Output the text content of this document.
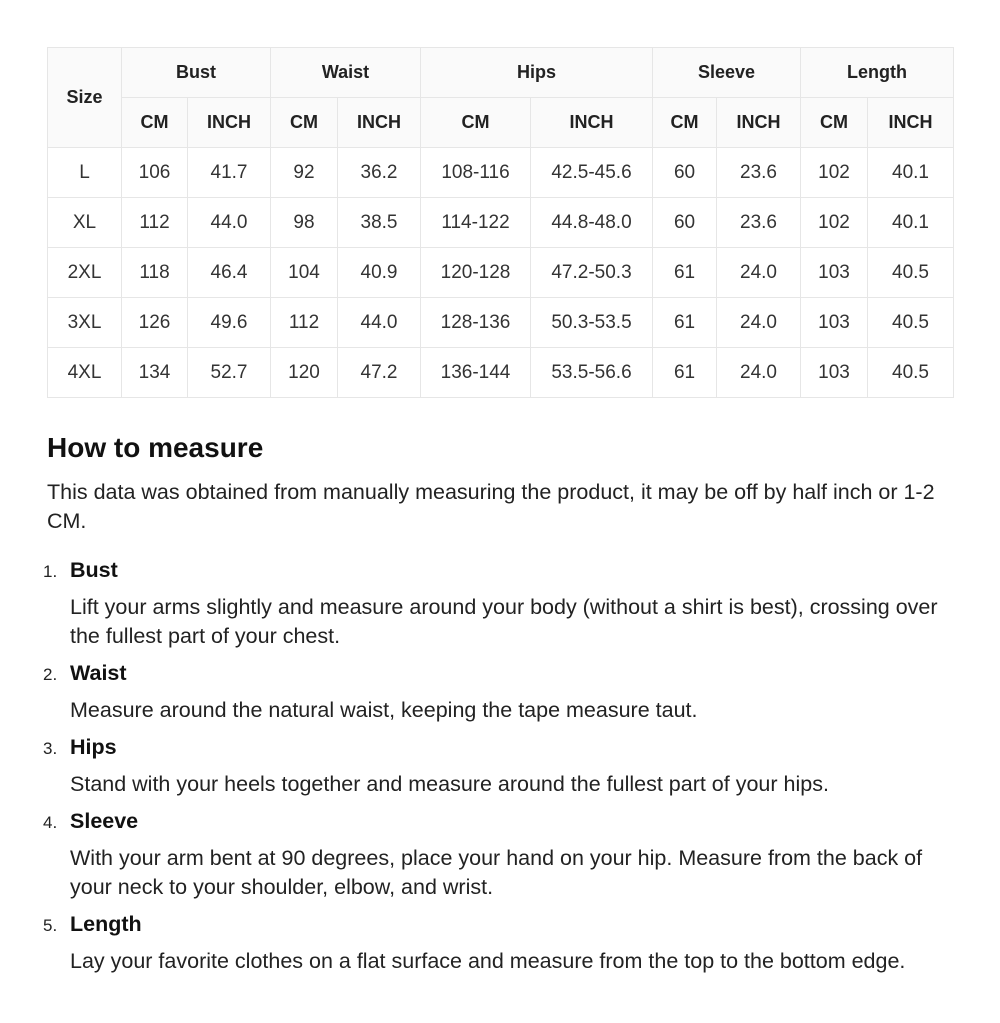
Size	Bust		Waist		Hips		Sleeve		Length	
	CM	INCH	CM	INCH	CM	INCH	CM	INCH	CM	INCH
L	106	41.7	92	36.2	108-116	42.5-45.6	60	23.6	102	40.1
XL	112	44.0	98	38.5	114-122	44.8-48.0	60	23.6	102	40.1
2XL	118	46.4	104	40.9	120-128	47.2-50.3	61	24.0	103	40.5
3XL	126	49.6	112	44.0	128-136	50.3-53.5	61	24.0	103	40.5
4XL	134	52.7	120	47.2	136-144	53.5-56.6	61	24.0	103	40.5
How to measure

This data was obtained from manually measuring the product, it may be off by half inch or 1-2 CM.

1. Bust
Lift your arms slightly and measure around your body (without a shirt is best), crossing over the fullest part of your chest.
2. Waist
Measure around the natural waist, keeping the tape measure taut.
3. Hips
Stand with your heels together and measure around the fullest part of your hips.
4. Sleeve
With your arm bent at 90 degrees, place your hand on your hip. Measure from the back of your neck to your shoulder, elbow, and wrist.
5. Length
Lay your favorite clothes on a flat surface and measure from the top to the bottom edge.
